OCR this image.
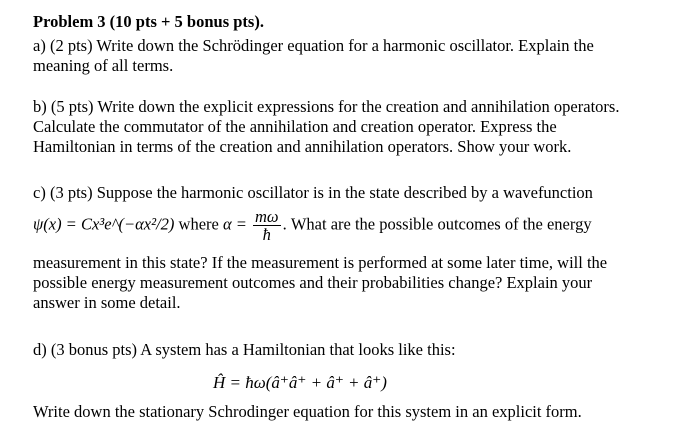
Problem 3 (10 pts + 5 bonus pts).
a) (2 pts) Write down the Schrödinger equation for a harmonic oscillator. Explain the
meaning of all terms.
b) (5 pts) Write down the explicit expressions for the creation and annihilation operators.
Calculate the commutator of the annihilation and creation operator. Express the
Hamiltonian in terms of the creation and annihilation operators. Show your work.
c) (3 pts) Suppose the harmonic oscillator is in the state described by a wavefunction
ψ(x) = Cx³e^(−αx²/2) where $\alpha = \frac{m\omega}{ħ}$ . What are the possible outcomes of the energy
measurement in this state? If the measurement is performed at some later time, will the
possible energy measurement outcomes and their probabilities change? Explain your
answer in some detail.
d) (3 bonus pts) A system has a Hamiltonian that looks like this:
Ĥ = ħω(â⁺â⁺ + â⁺ + â⁺)
Write down the stationary Schrodinger equation for this system in an explicit form.
